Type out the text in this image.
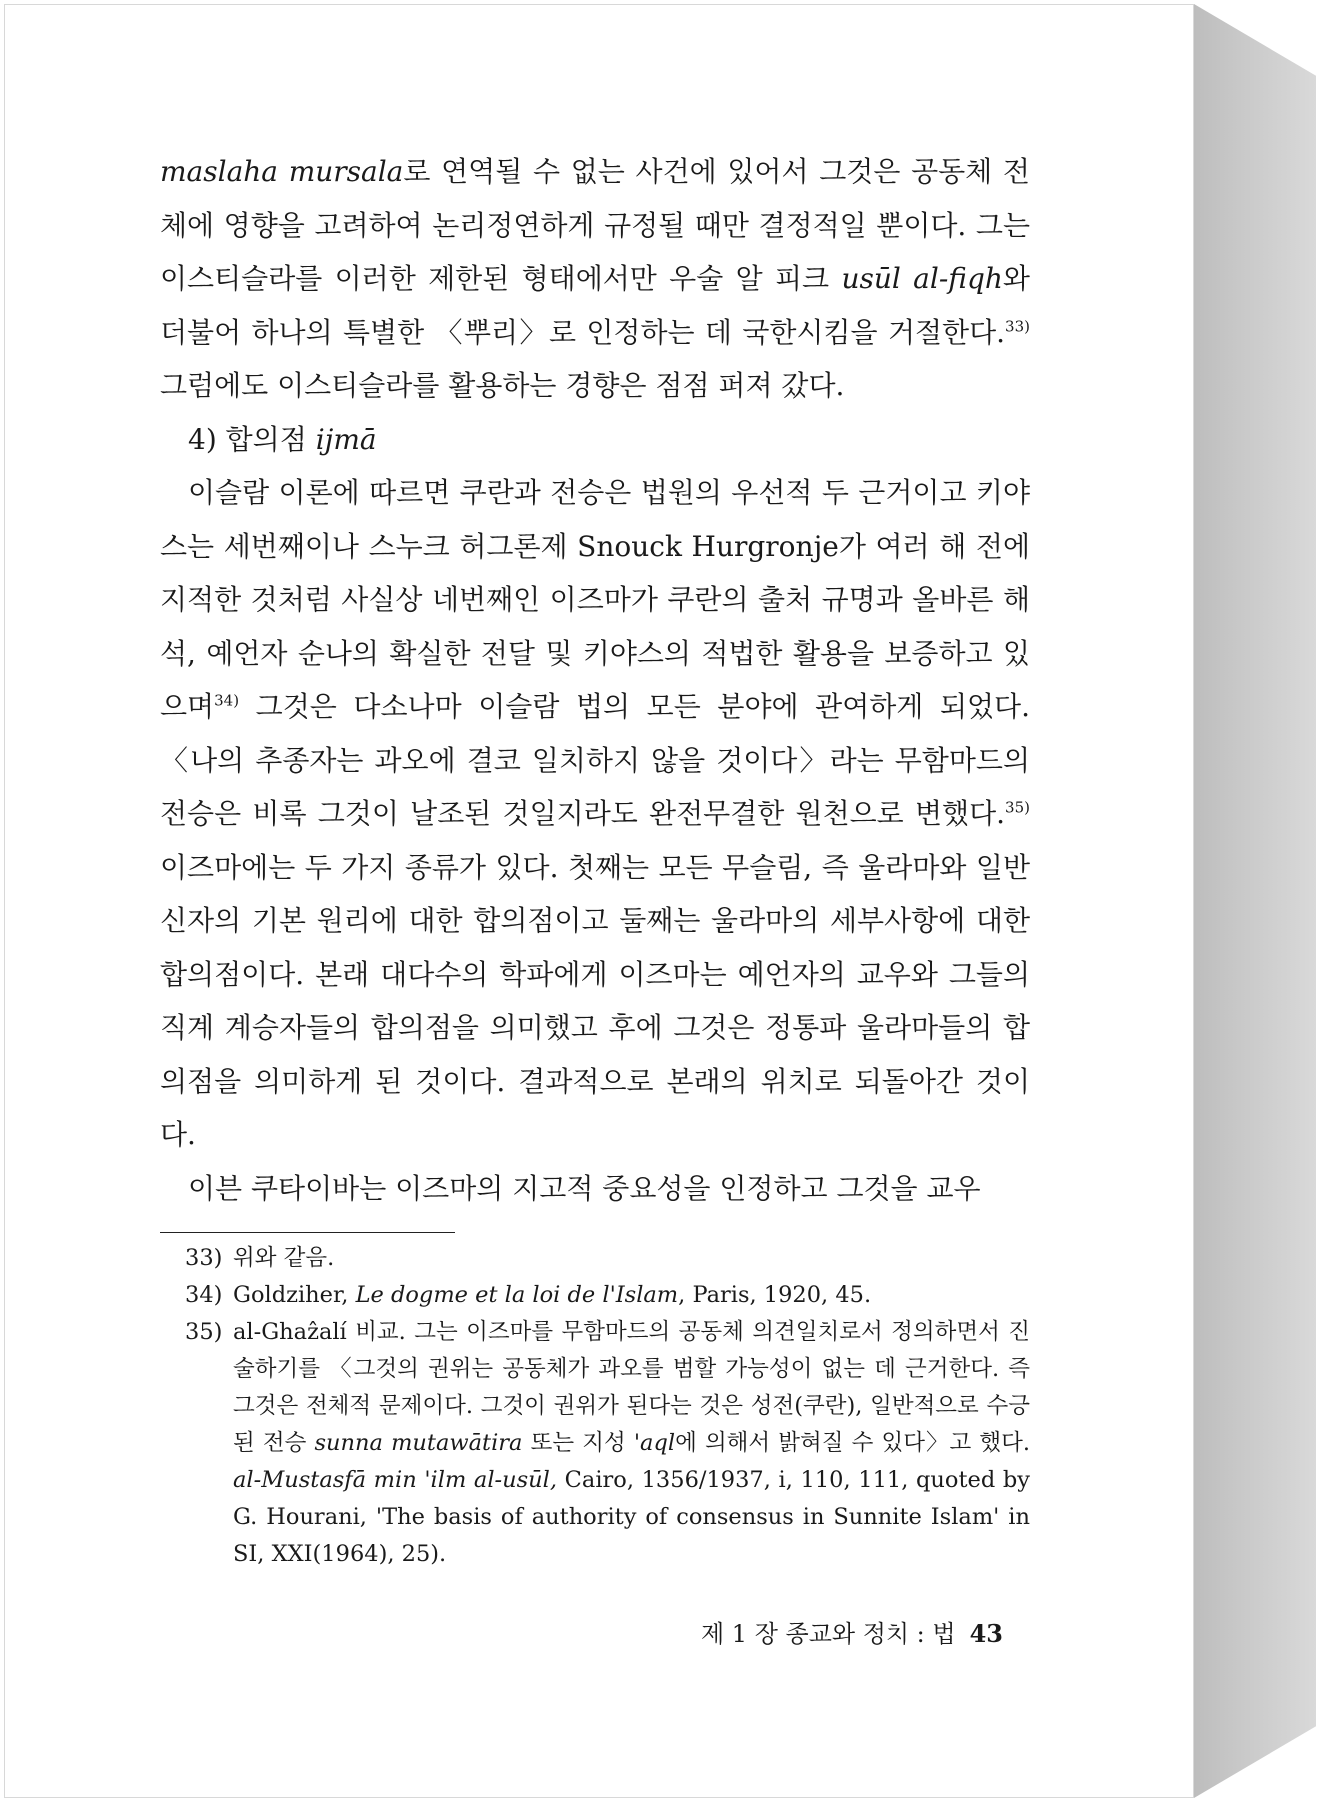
maslaha mursala로 연역될 수 없는 사건에 있어서 그것은 공동체 전체에 영향을 고려하여 논리정연하게 규정될 때만 결정적일 뿐이다. 그는 이스티슬라를 이러한 제한된 형태에서만 우술 알 피크 usūl al-fiqh와 더불어 하나의 특별한 〈뿌리〉로 인정하는 데 국한시킴을 거절한다.$^{33)}$ 그럼에도 이스티슬라를 활용하는 경향은 점점 퍼져 갔다.

4) 합의점 ijmā

이슬람 이론에 따르면 쿠란과 전승은 법원의 우선적 두 근거이고 키야스는 세번째이나 스누크 허그론제 Snouck Hurgronje가 여러 해 전에 지적한 것처럼 사실상 네번째인 이즈마가 쿠란의 출처 규명과 올바른 해석, 예언자 순나의 확실한 전달 및 키야스의 적법한 활용을 보증하고 있으며$^{34)}$ 그것은 다소나마 이슬람 법의 모든 분야에 관여하게 되었다. 〈나의 추종자는 과오에 결코 일치하지 않을 것이다〉라는 무함마드의 전승은 비록 그것이 날조된 것일지라도 완전무결한 원천으로 변했다.$^{35)}$ 이즈마에는 두 가지 종류가 있다. 첫째는 모든 무슬림, 즉 울라마와 일반 신자의 기본 원리에 대한 합의점이고 둘째는 울라마의 세부사항에 대한 합의점이다. 본래 대다수의 학파에게 이즈마는 예언자의 교우와 그들의 직계 계승자들의 합의점을 의미했고 후에 그것은 정통파 울라마들의 합의점을 의미하게 된 것이다. 결과적으로 본래의 위치로 되돌아간 것이다.

이븐 쿠타이바는 이즈마의 지고적 중요성을 인정하고 그것을 교우

33) 위와 같음.
34) Goldziher, Le dogme et la loi de l'Islam, Paris, 1920, 45.
35) al-Ghaẑalí 비교. 그는 이즈마를 무함마드의 공동체 의견일치로서 정의하면서 진술하기를 〈그것의 권위는 공동체가 과오를 범할 가능성이 없는 데 근거한다. 즉 그것은 전체적 문제이다. 그것이 권위가 된다는 것은 성전(쿠란), 일반적으로 수긍된 전승 sunna mutawātira 또는 지성 'aql에 의해서 밝혀질 수 있다〉고 했다. al-Mustasfā min 'ilm al-usūl, Cairo, 1356/1937, i, 110, 111, quoted by G. Hourani, 'The basis of authority of consensus in Sunnite Islam' in SI, XXI(1964), 25).
제 1 장 종교와 정치 : 법 43
